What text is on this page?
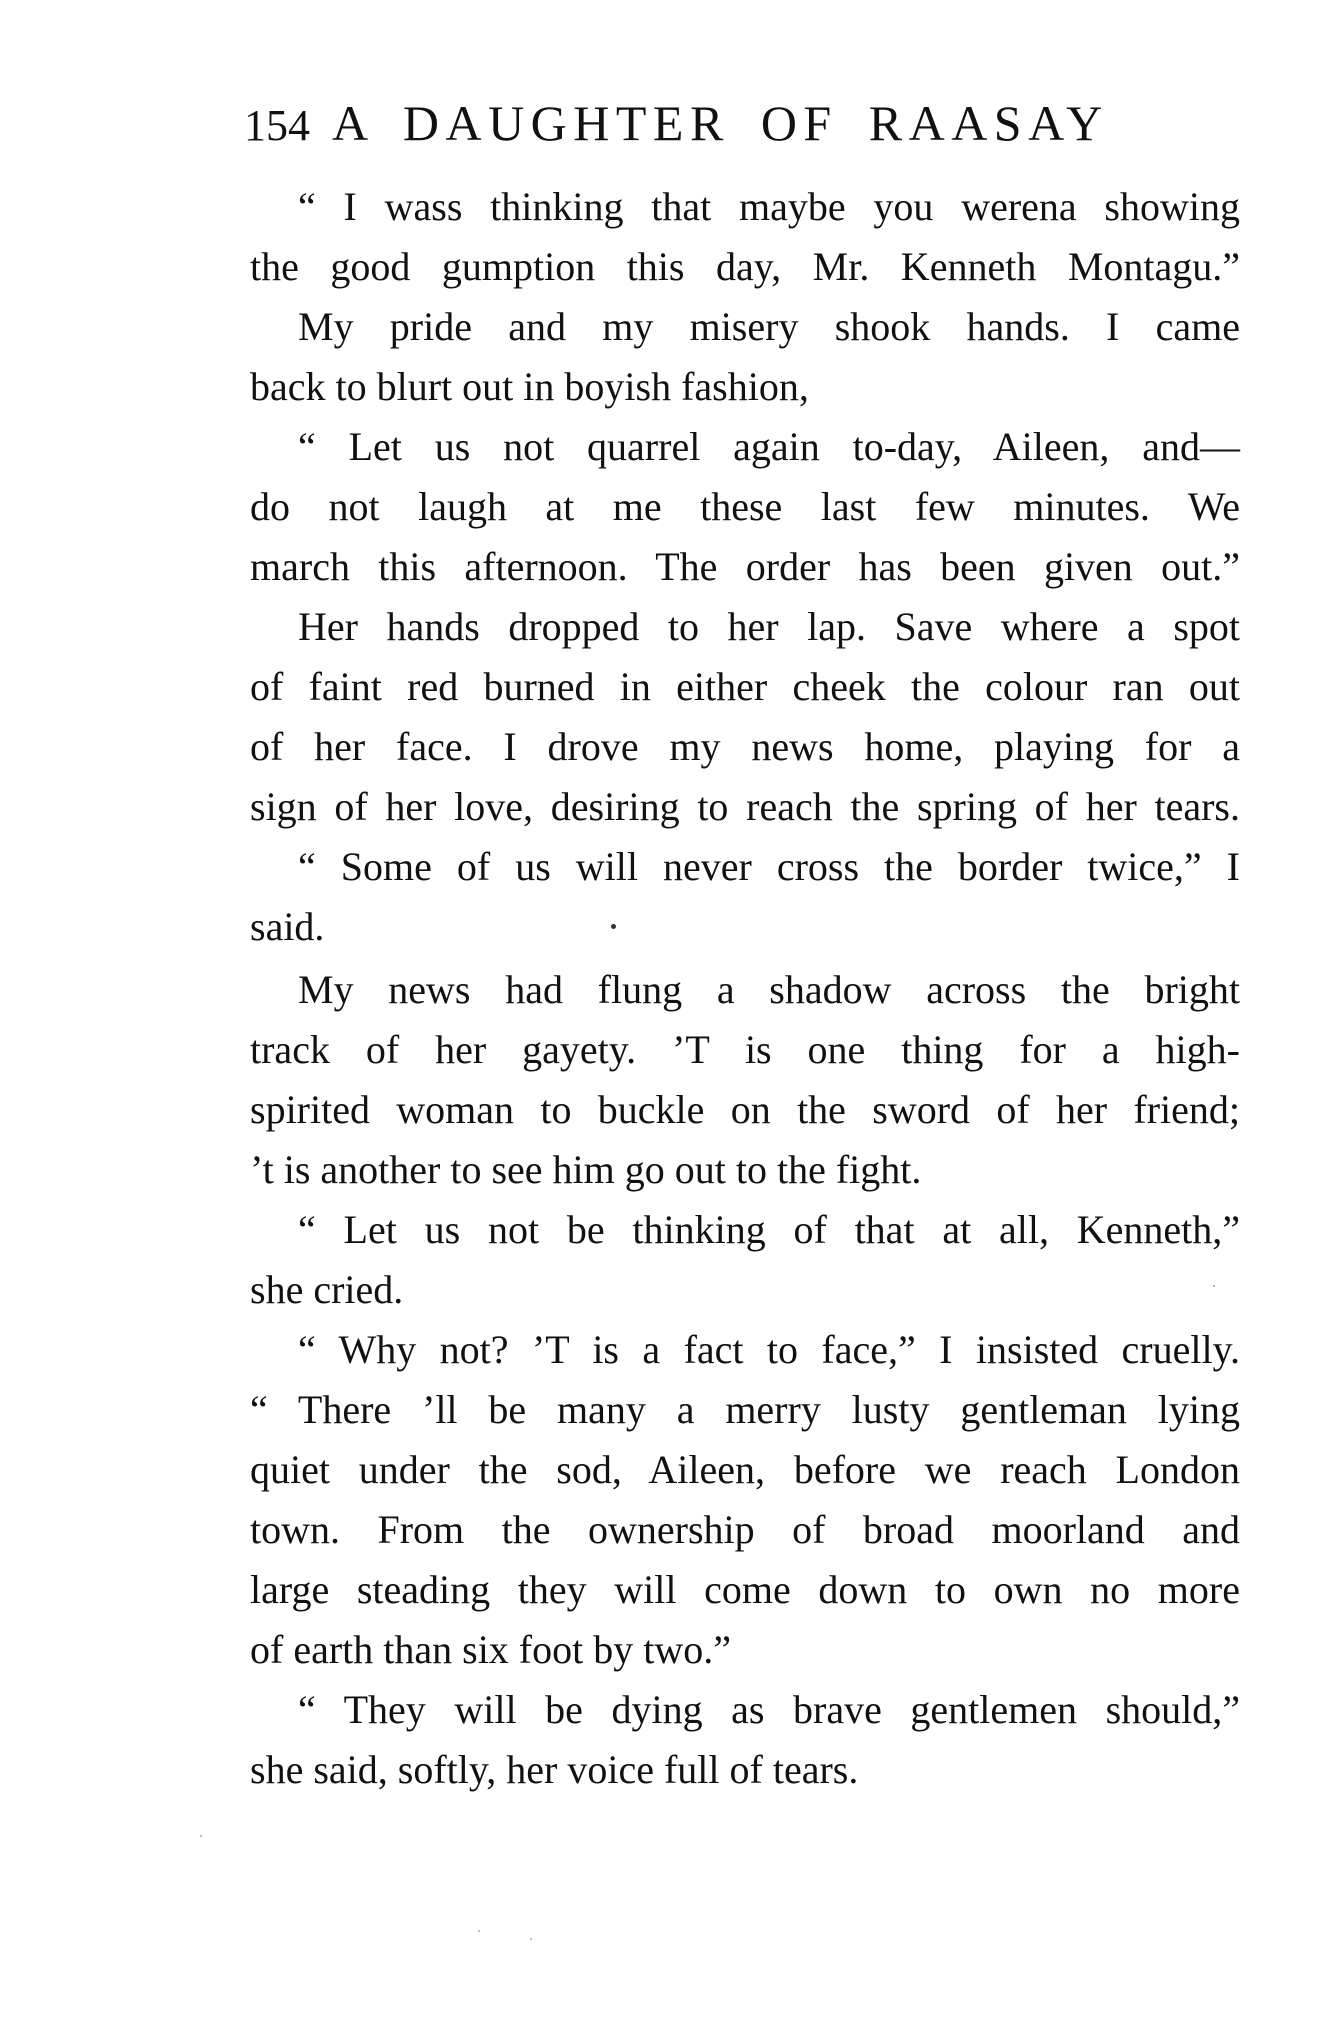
154 A DAUGHTER OF RAASAY
“ I wass thinking that maybe you werena showing
the good gumption this day, Mr. Kenneth Montagu.”
My pride and my misery shook hands. I came
back to blurt out in boyish fashion,
“ Let us not quarrel again to-day, Aileen, and—
do not laugh at me these last few minutes. We
march this afternoon. The order has been given out.”
Her hands dropped to her lap. Save where a spot
of faint red burned in either cheek the colour ran out
of her face. I drove my news home, playing for a
sign of her love, desiring to reach the spring of her tears.
“ Some of us will never cross the border twice,” I
said.
My news had flung a shadow across the bright
track of her gayety. ’T is one thing for a high-
spirited woman to buckle on the sword of her friend;
’t is another to see him go out to the fight.
“ Let us not be thinking of that at all, Kenneth,”
she cried.
“ Why not? ’T is a fact to face,” I insisted cruelly.
“ There ’ll be many a merry lusty gentleman lying
quiet under the sod, Aileen, before we reach London
town. From the ownership of broad moorland and
large steading they will come down to own no more
of earth than six foot by two.”
“ They will be dying as brave gentlemen should,”
she said, softly, her voice full of tears.
